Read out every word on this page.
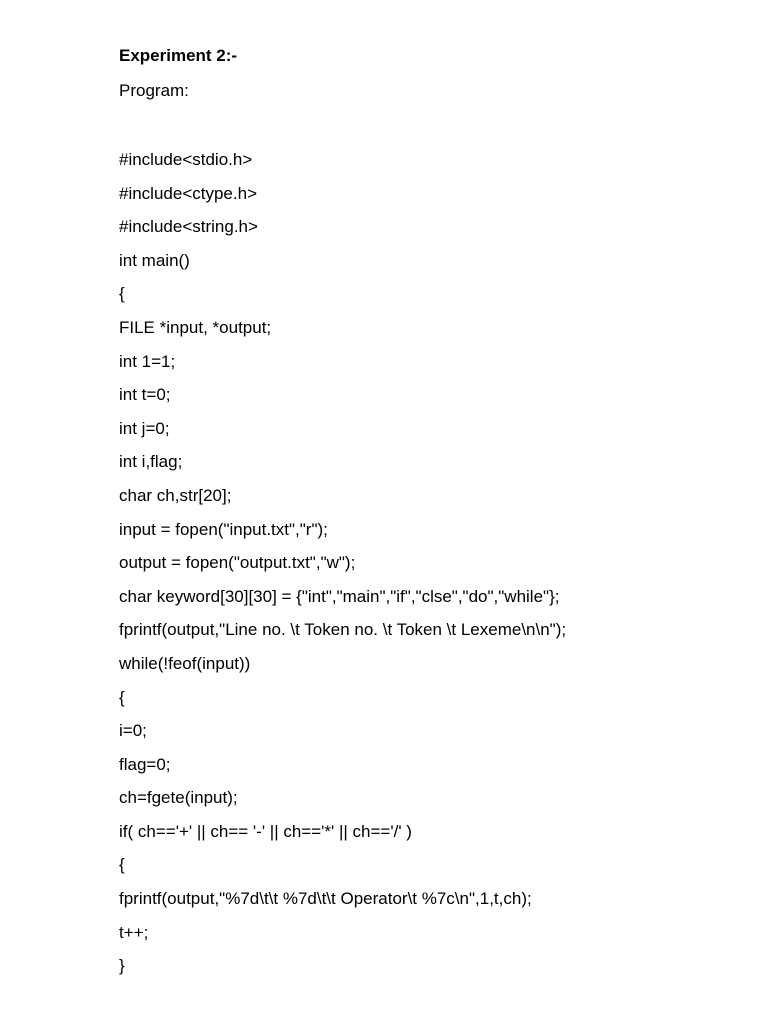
Experiment 2:-
Program:
#include<stdio.h>
#include<ctype.h>
#include<string.h>
int main()
{
FILE *input, *output;
int 1=1;
int t=0;
int j=0;
int i,flag;
char ch,str[20];
input = fopen("input.txt","r");
output = fopen("output.txt","w");
char keyword[30][30] = {"int","main","if","clse","do","while"};
fprintf(output,"Line no. \t Token no. \t Token \t Lexeme\n\n");
while(!feof(input))
{
i=0;
flag=0;
ch=fgete(input);
if( ch=='+' || ch== '-' || ch=='*' || ch=='/' )
{
fprintf(output,"%7d\t\t %7d\t\t Operator\t %7c\n",1,t,ch);
t++;
}
